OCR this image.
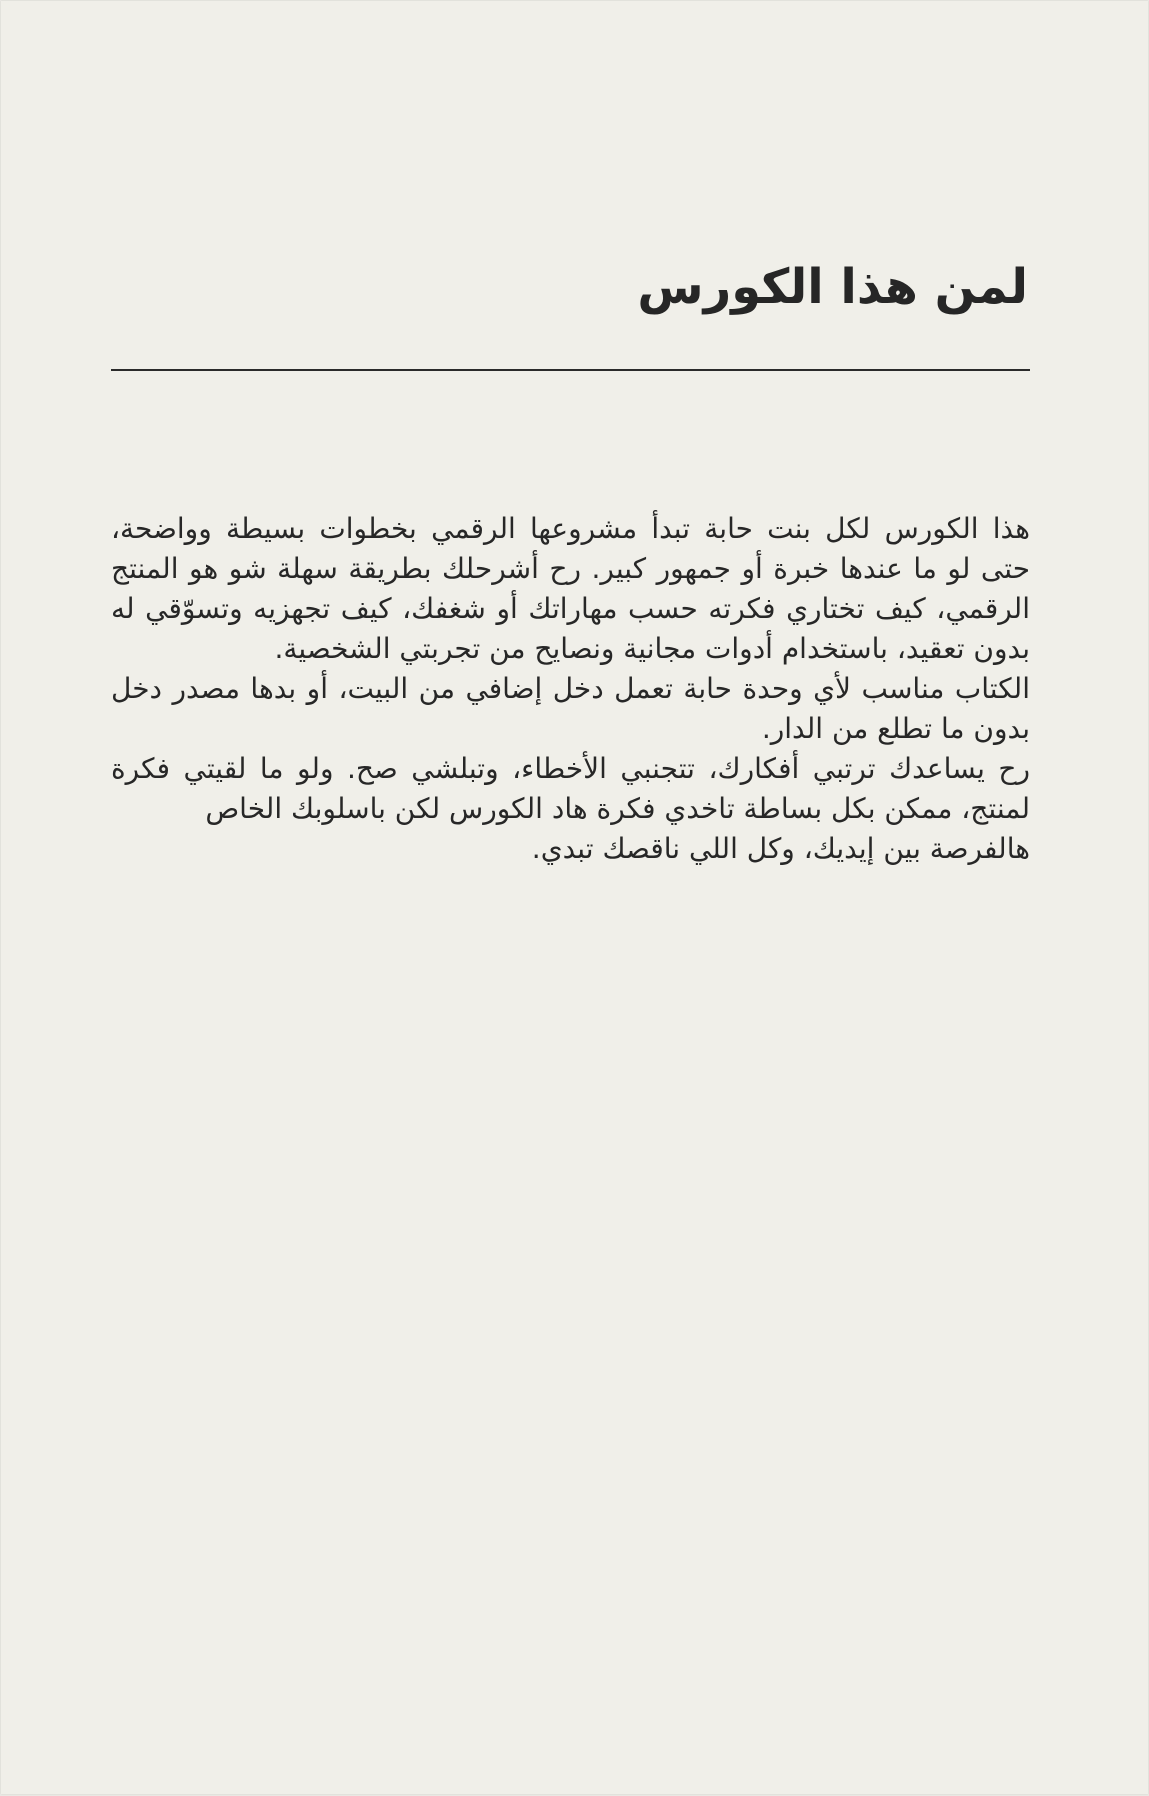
لمن هذا الكورس

هذا الكورس لكل بنت حابة تبدأ مشروعها الرقمي بخطوات بسيطة وواضحة، حتى لو ما عندها خبرة أو جمهور كبير. رح أشرحلك بطريقة سهلة شو هو المنتج الرقمي، كيف تختاري فكرته حسب مهاراتك أو شغفك، كيف تجهزيه وتسوّقي له بدون تعقيد، باستخدام أدوات مجانية ونصايح من تجربتي الشخصية.

الكتاب مناسب لأي وحدة حابة تعمل دخل إضافي من البيت، أو بدها مصدر دخل بدون ما تطلع من الدار.

رح يساعدك ترتبي أفكارك، تتجنبي الأخطاء، وتبلشي صح. ولو ما لقيتي فكرة لمنتج، ممكن بكل بساطة تاخدي فكرة هاد الكورس لكن باسلوبك الخاص

هالفرصة بين إيديك، وكل اللي ناقصك تبدي.
